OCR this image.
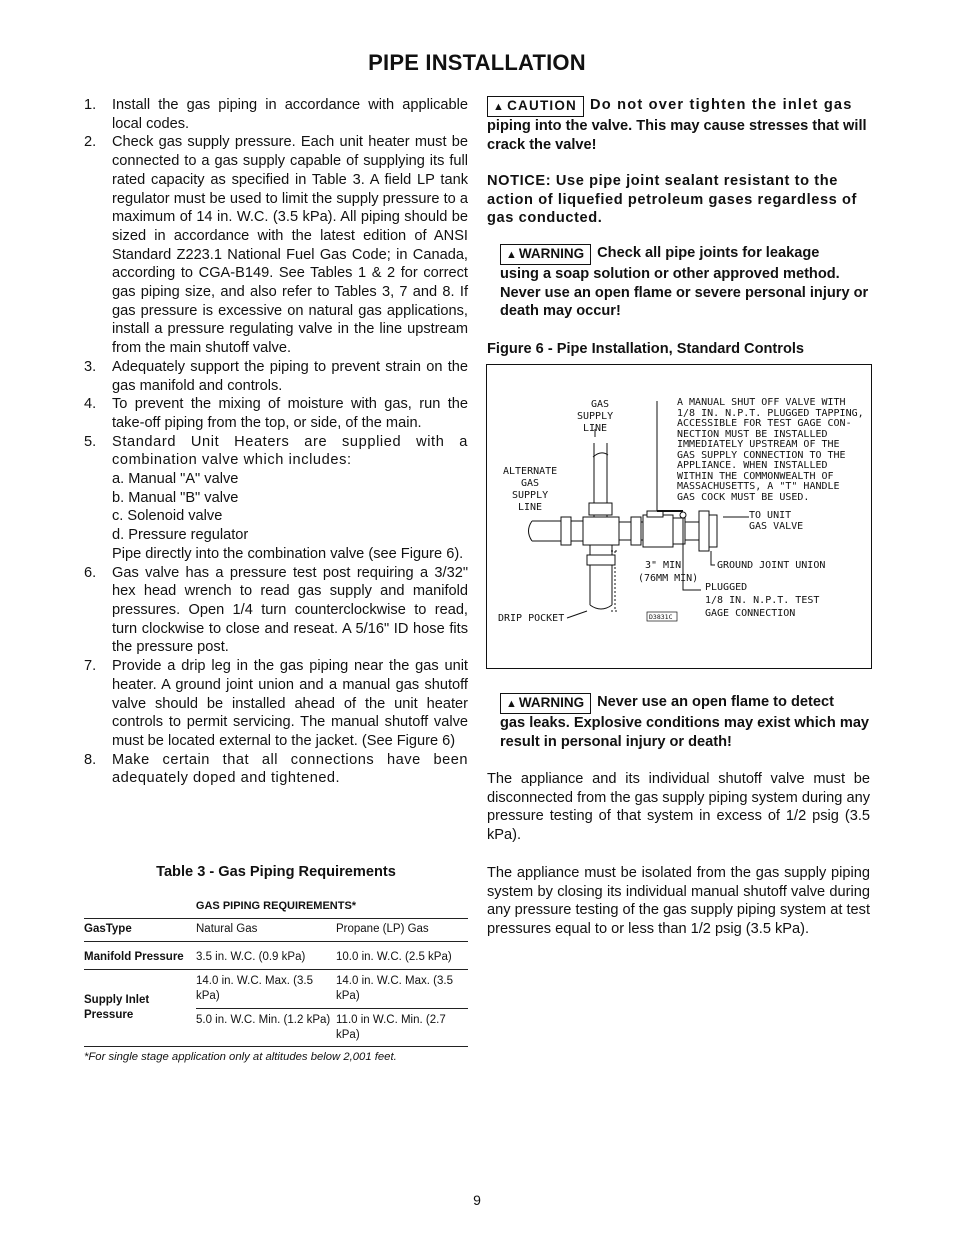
PIPE INSTALLATION
1. Install the gas piping in accordance with applicable local codes.
2. Check gas supply pressure. Each unit heater must be connected to a gas supply capable of supplying its full rated capacity as specified in Table 3. A field LP tank regulator must be used to limit the supply pressure to a maximum of 14 in. W.C. (3.5 kPa). All piping should be sized in accordance with the latest edition of ANSI Standard Z223.1 National Fuel Gas Code; in Canada, according to CGA-B149. See Tables 1 & 2 for correct gas piping size, and also refer to Tables 3, 7 and 8. If gas pressure is excessive on natural gas applications, install a pressure regulating valve in the line upstream from the main shutoff valve.
3. Adequately support the piping to prevent strain on the gas manifold and controls.
4. To prevent the mixing of moisture with gas, run the take-off piping from the top, or side, of the main.
5. Standard Unit Heaters are supplied with a combination valve which includes:
a. Manual "A" valve
b. Manual "B" valve
c. Solenoid valve
d. Pressure regulator
Pipe directly into the combination valve (see Figure 6).
6. Gas valve has a pressure test post requiring a 3/32" hex head wrench to read gas supply and manifold pressures. Open 1/4 turn counterclockwise to read, turn clockwise to close and reseat. A 5/16" ID hose fits the pressure post.
7. Provide a drip leg in the gas piping near the gas unit heater. A ground joint union and a manual gas shutoff valve should be installed ahead of the unit heater controls to permit servicing. The manual shutoff valve must be located external to the jacket. (See Figure 6)
8. Make certain that all connections have been adequately doped and tightened.
Table 3 - Gas Piping Requirements
GAS PIPING REQUIREMENTS*
GasType	Natural Gas	Propane (LP) Gas
Manifold Pressure	3.5 in. W.C. (0.9 kPa)	10.0 in. W.C. (2.5 kPa)
Supply Inlet Pressure	14.0 in. W.C. Max. (3.5 kPa)	14.0 in. W.C. Max. (3.5 kPa)
	5.0 in. W.C. Min. (1.2 kPa)	11.0 in W.C. Min. (2.7 kPa)
*For single stage application only at altitudes below 2,001 feet.
▲ CAUTION Do not over tighten the inlet gas
piping into the valve. This may cause stresses that will crack the valve!
NOTICE: Use pipe joint sealant resistant to the action of liquefied petroleum gases regardless of gas conducted.
▲ WARNING Check all pipe joints for leakage
using a soap solution or other approved method. Never use an open flame or severe personal injury or death may occur!
Figure 6 - Pipe Installation, Standard Controls
GAS
SUPPLY
LINE
ALTERNATE
GAS
SUPPLY
LINE
A MANUAL SHUT OFF VALVE WITH
1/8 IN. N.P.T. PLUGGED TAPPING,
ACCESSIBLE FOR TEST GAGE CON-
NECTION MUST BE INSTALLED
IMMEDIATELY UPSTREAM OF THE
GAS SUPPLY CONNECTION TO THE
APPLIANCE. WHEN INSTALLED
WITHIN THE COMMONWEALTH OF
MASSACHUSETTS, A "T" HANDLE
GAS COCK MUST BE USED.
TO UNIT
GAS VALVE
GROUND JOINT UNION
3" MIN
(76MM MIN)
PLUGGED
1/8 IN. N.P.T. TEST
GAGE CONNECTION
DRIP POCKET	D3831C
▲ WARNING Never use an open flame to detect
gas leaks. Explosive conditions may exist which may result in personal injury or death!
The appliance and its individual shutoff valve must be disconnected from the gas supply piping system during any pressure testing of that system in excess of 1/2 psig (3.5 kPa).
The appliance must be isolated from the gas supply piping system by closing its individual manual shutoff valve during any pressure testing of the gas supply piping system at test pressures equal to or less than 1/2 psig (3.5 kPa).
9
